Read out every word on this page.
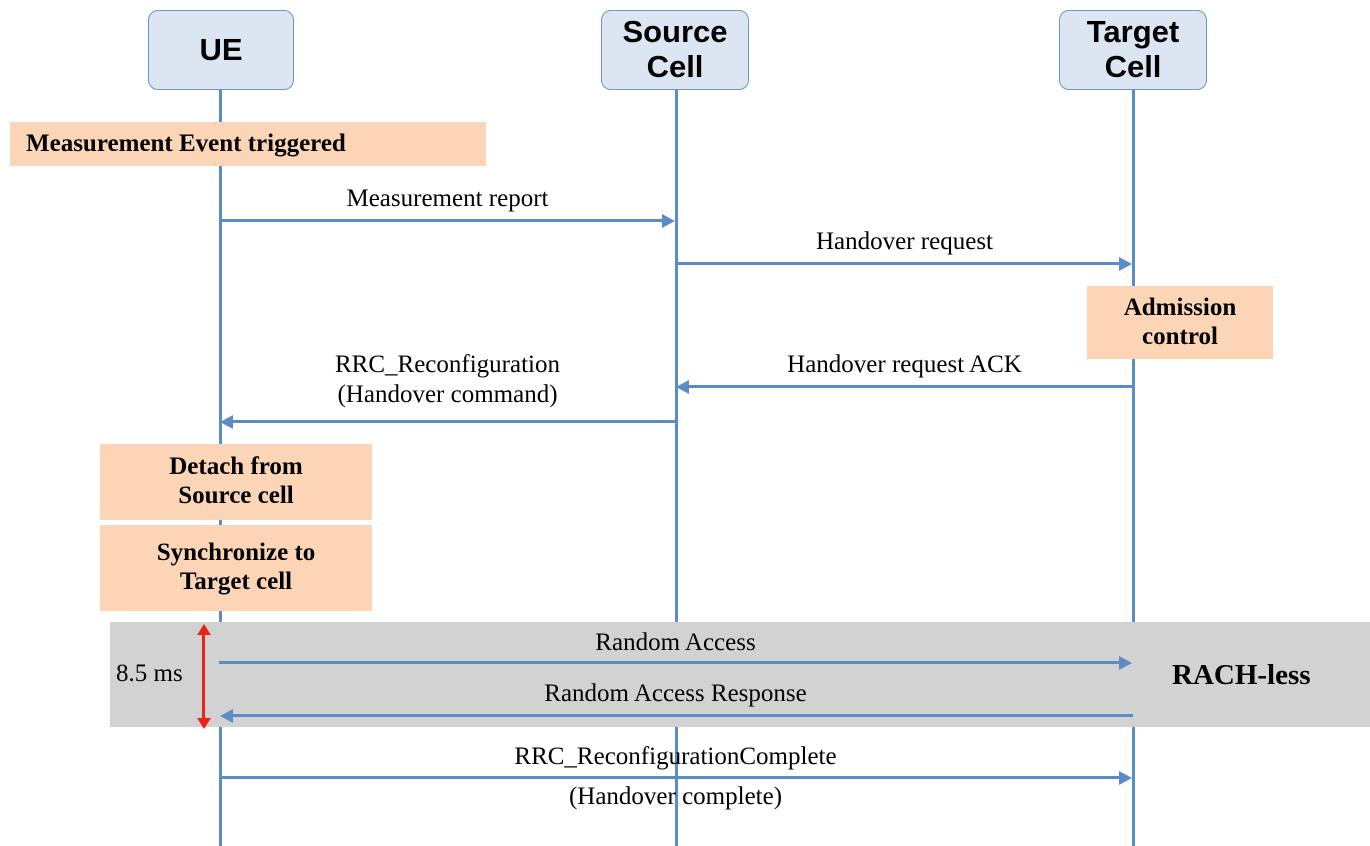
UE	Source
Cell
Target
Cell
Measurement Event triggered
Measurement report
Handover request
Admission
control
Handover request ACK
RRC_Reconfiguration
(Handover command)
Detach from
Source cell
Synchronize to
Target cell
RACH-less
8.5 ms
Random Access
Random Access Response
RRC_ReconfigurationComplete
(Handover complete)
